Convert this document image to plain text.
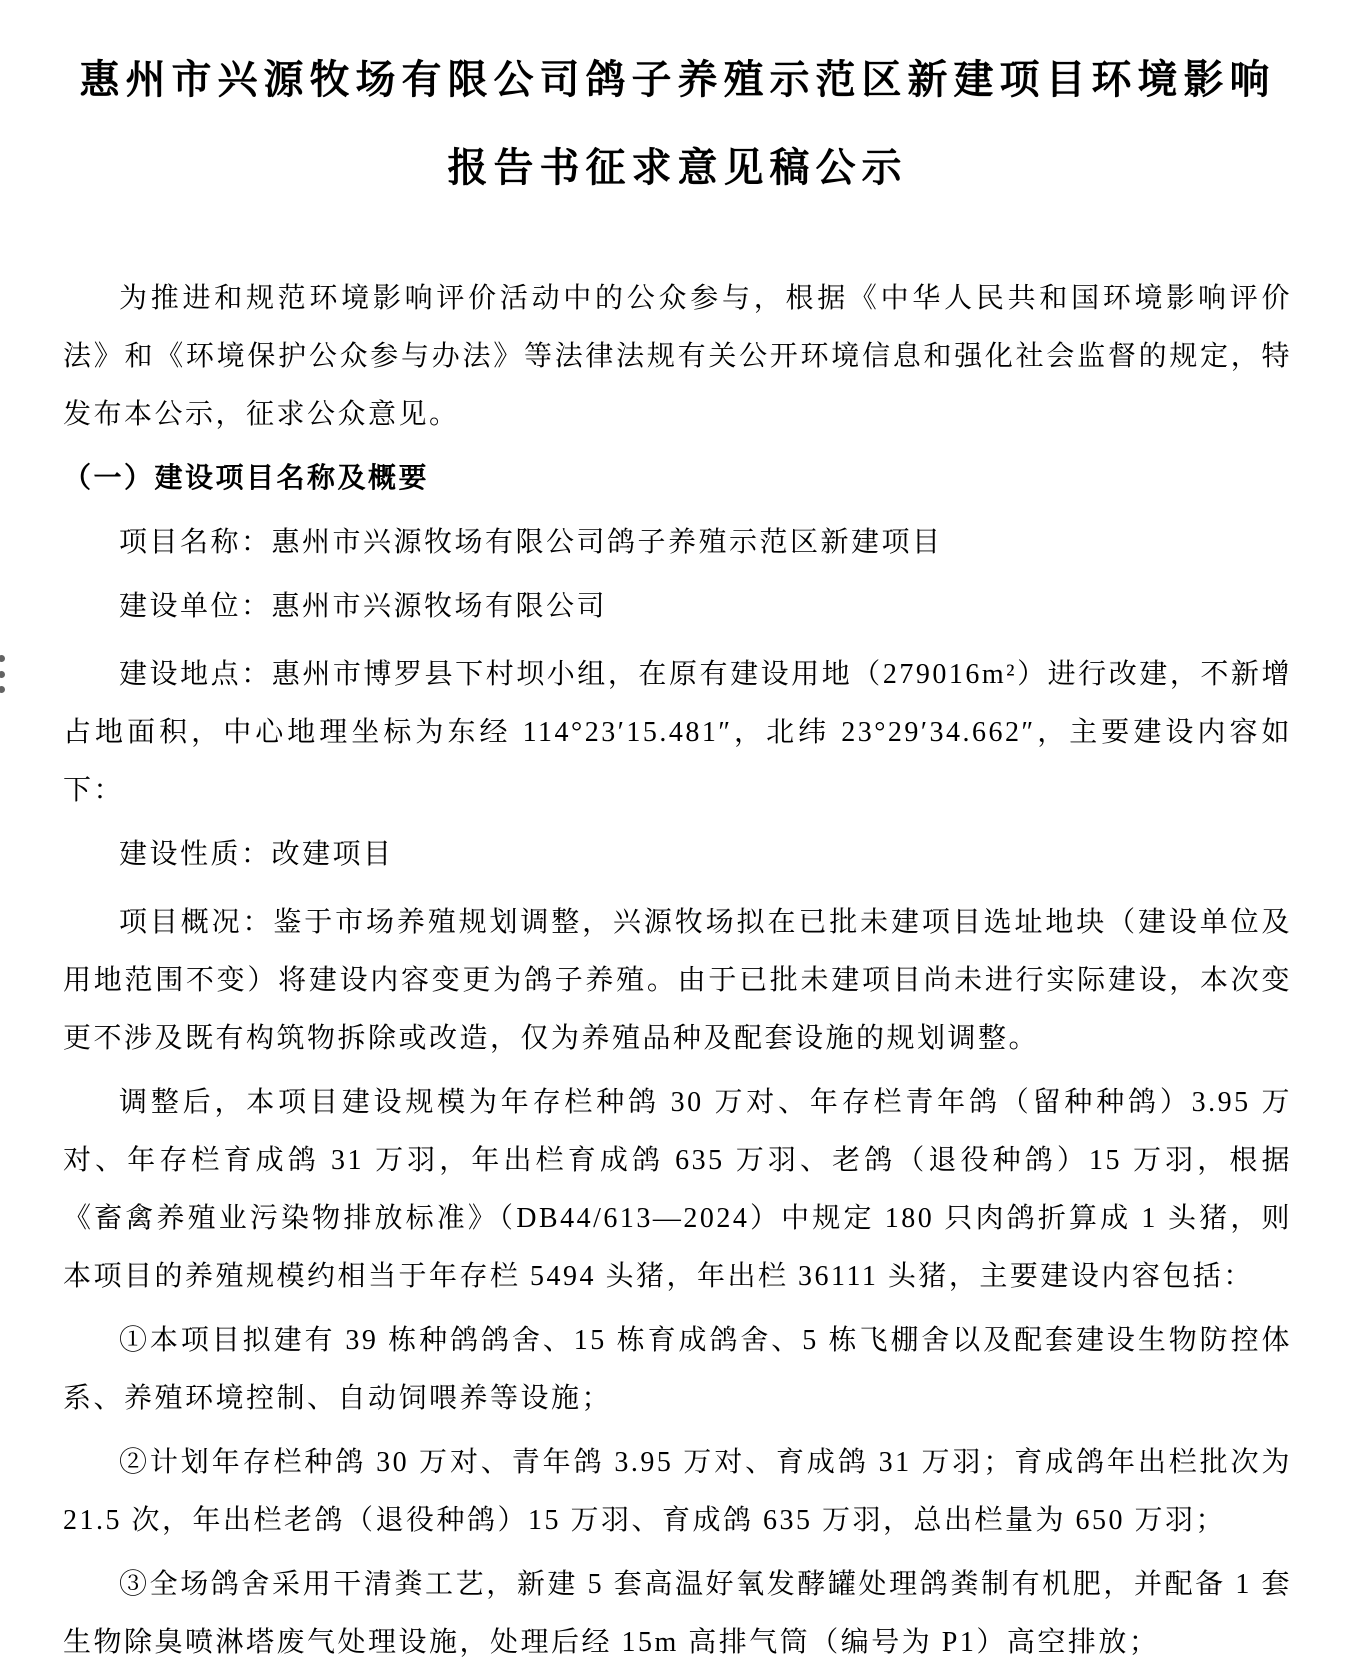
惠州市兴源牧场有限公司鸽子养殖示范区新建项目环境影响
报告书征求意见稿公示

为推进和规范环境影响评价活动中的公众参与，根据《中华人民共和国环境影响评价法》和《环境保护公众参与办法》等法律法规有关公开环境信息和强化社会监督的规定，特发布本公示，征求公众意见。

（一）建设项目名称及概要

项目名称：惠州市兴源牧场有限公司鸽子养殖示范区新建项目

建设单位：惠州市兴源牧场有限公司

建设地点：惠州市博罗县下村坝小组，在原有建设用地（279016m²）进行改建，不新增占地面积，中心地理坐标为东经 114°23′15.481″，北纬 23°29′34.662″，主要建设内容如下：

建设性质：改建项目

项目概况：鉴于市场养殖规划调整，兴源牧场拟在已批未建项目选址地块（建设单位及用地范围不变）将建设内容变更为鸽子养殖。由于已批未建项目尚未进行实际建设，本次变更不涉及既有构筑物拆除或改造，仅为养殖品种及配套设施的规划调整。

调整后，本项目建设规模为年存栏种鸽 30 万对、年存栏青年鸽（留种种鸽）3.95 万对、年存栏育成鸽 31 万羽，年出栏育成鸽 635 万羽、老鸽（退役种鸽）15 万羽，根据《畜禽养殖业污染物排放标准》（DB44/613—2024）中规定 180 只肉鸽折算成 1 头猪，则本项目的养殖规模约相当于年存栏 5494 头猪，年出栏 36111 头猪，主要建设内容包括：

①本项目拟建有 39 栋种鸽鸽舍、15 栋育成鸽舍、5 栋飞棚舍以及配套建设生物防控体系、养殖环境控制、自动饲喂养等设施；

②计划年存栏种鸽 30 万对、青年鸽 3.95 万对、育成鸽 31 万羽；育成鸽年出栏批次为 21.5 次，年出栏老鸽（退役种鸽）15 万羽、育成鸽 635 万羽，总出栏量为 650 万羽；

③全场鸽舍采用干清粪工艺，新建 5 套高温好氧发酵罐处理鸽粪制有机肥，并配备 1 套生物除臭喷淋塔废气处理设施，处理后经 15m 高排气筒（编号为 P1）高空排放；
